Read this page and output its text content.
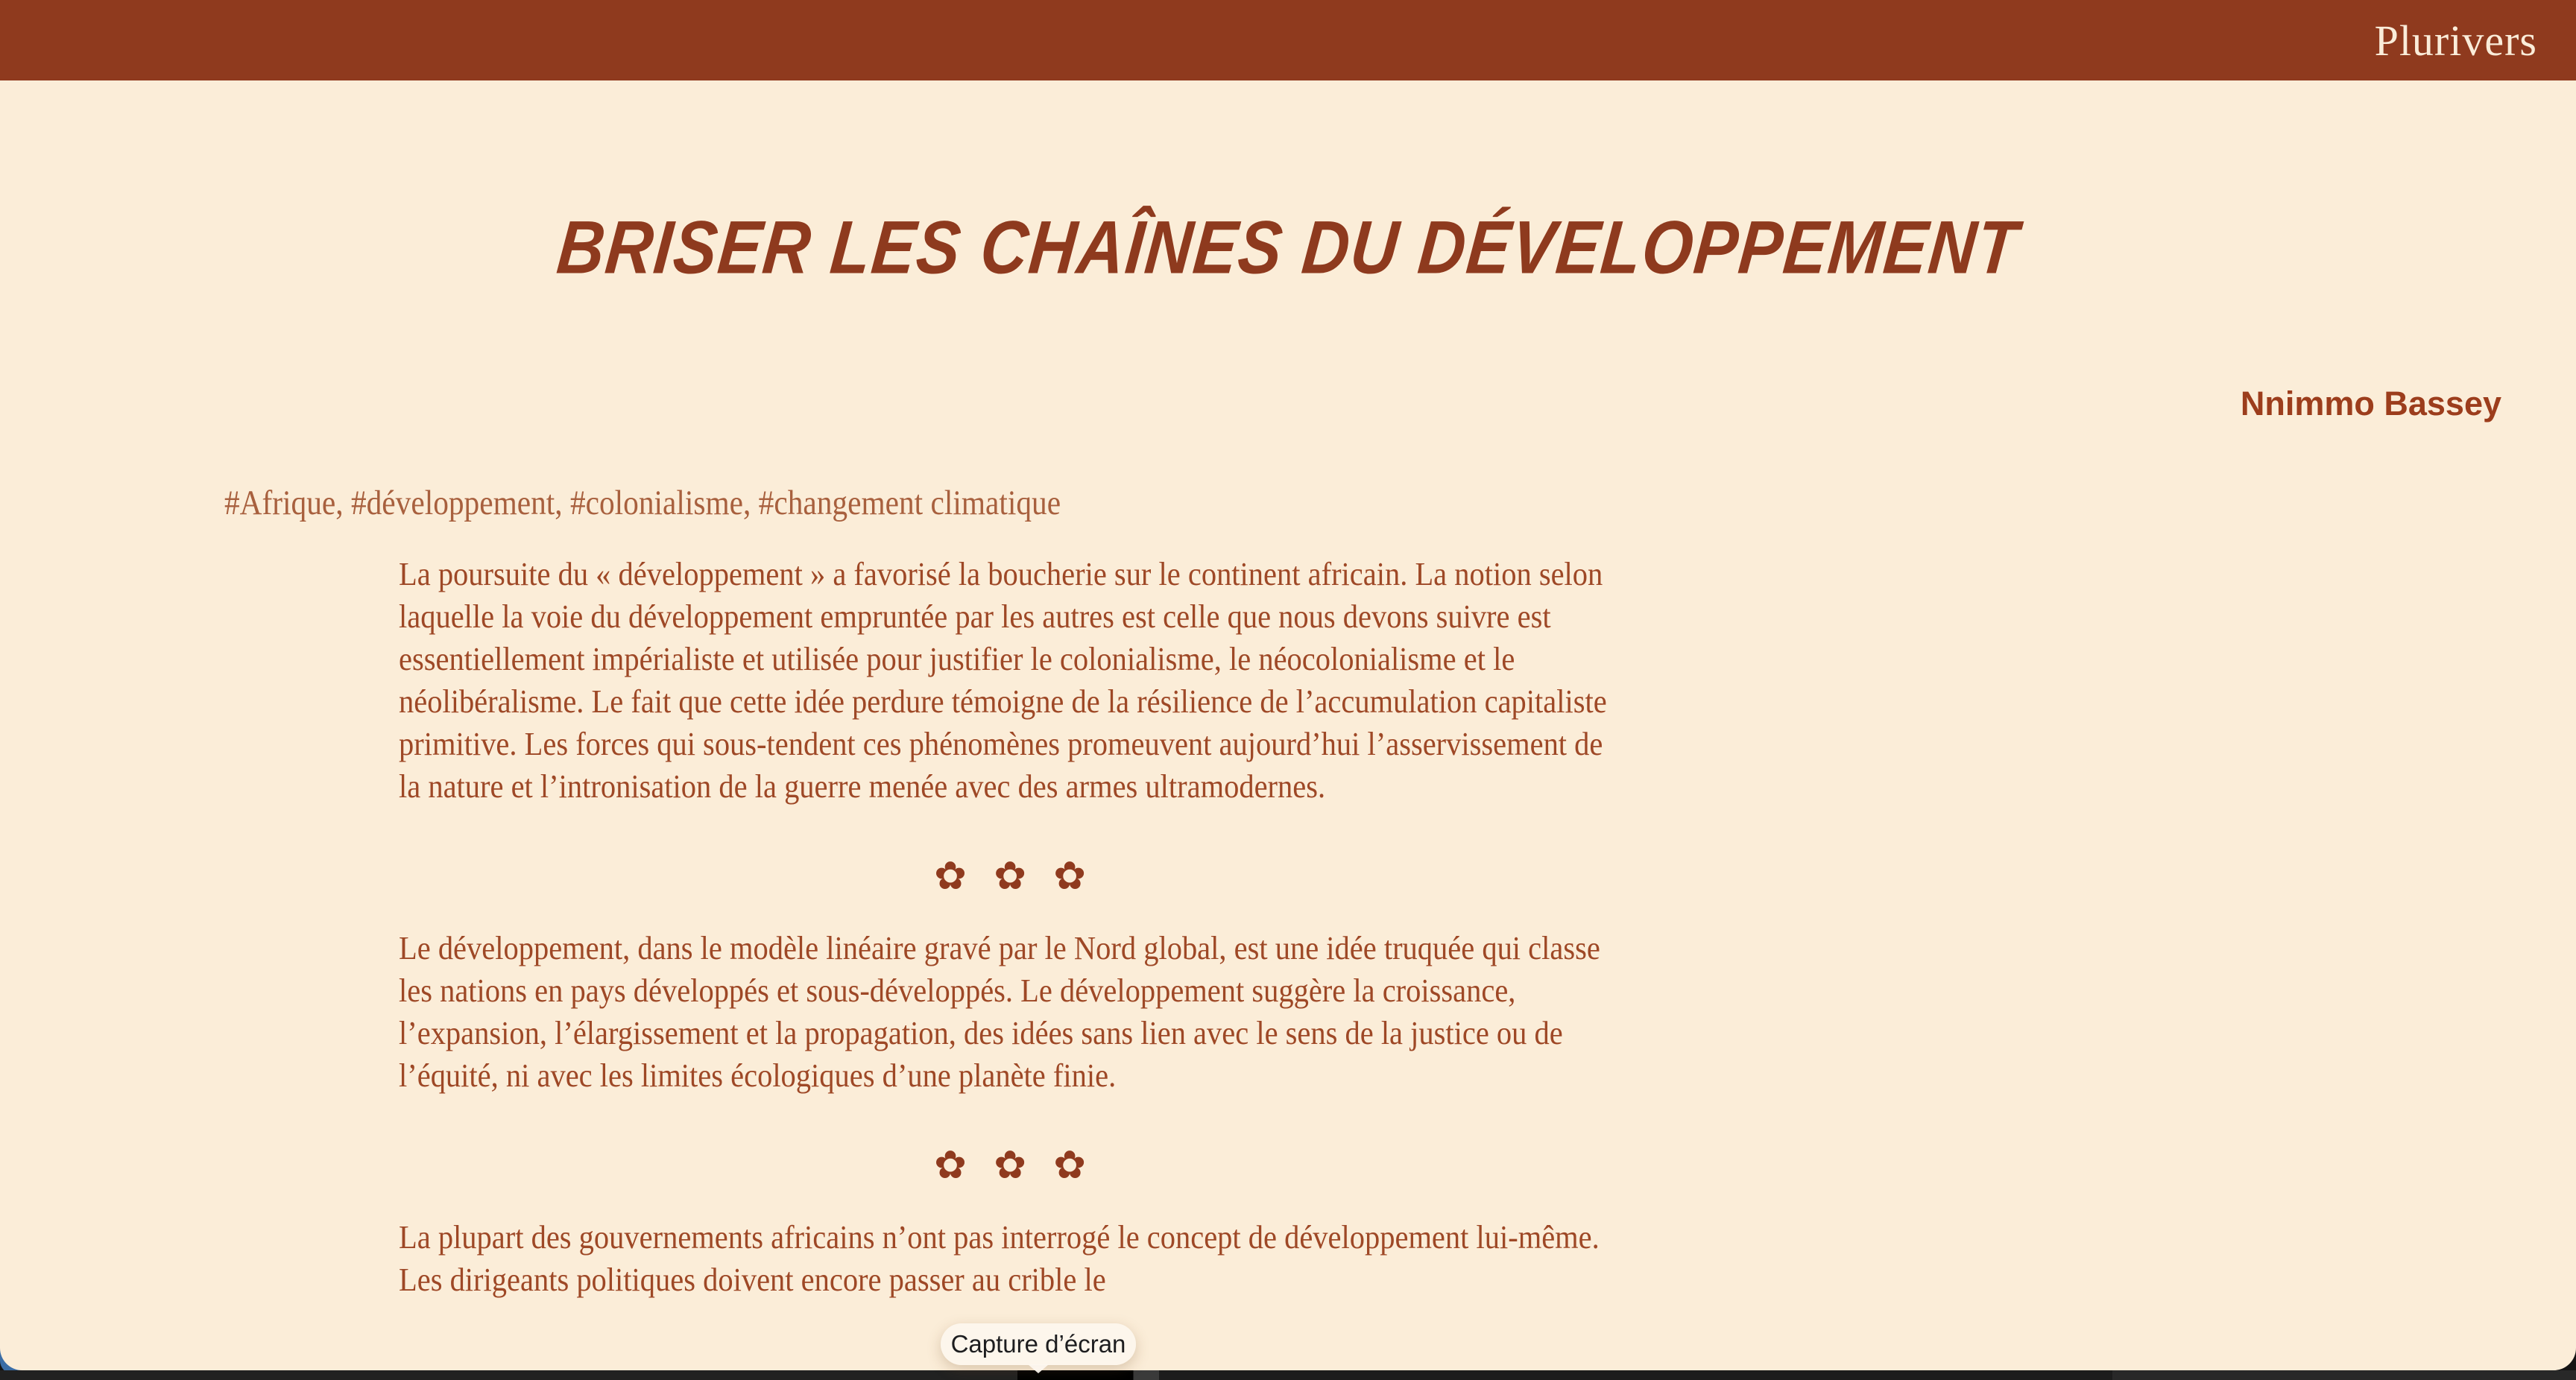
Plurivers
BRISER LES CHAÎNES DU DÉVELOPPEMENT
Nnimmo Bassey
#Afrique, #développement, #colonialisme, #changement climatique

La poursuite du « développement » a favorisé la boucherie sur le continent africain. La notion selon laquelle la voie du développement empruntée par les autres est celle que nous devons suivre est essentiellement impérialiste et utilisée pour justifier le colonialisme, le néocolonialisme et le néolibéralisme. Le fait que cette idée perdure témoigne de la résilience de l’accumulation capitaliste primitive. Les forces qui sous-tendent ces phénomènes promeuvent aujourd’hui l’asservissement de la nature et l’intronisation de la guerre menée avec des armes ultramodernes.

✿ ✿ ✿

Le développement, dans le modèle linéaire gravé par le Nord global, est une idée truquée qui classe les nations en pays développés et sous-développés. Le développement suggère la croissance, l’expansion, l’élargissement et la propagation, des idées sans lien avec le sens de la justice ou de l’équité, ni avec les limites écologiques d’une planète finie.

✿ ✿ ✿

La plupart des gouvernements africains n’ont pas interrogé le concept de développement lui-même. Les dirigeants politiques doivent encore passer au crible le

Capture d’écran
